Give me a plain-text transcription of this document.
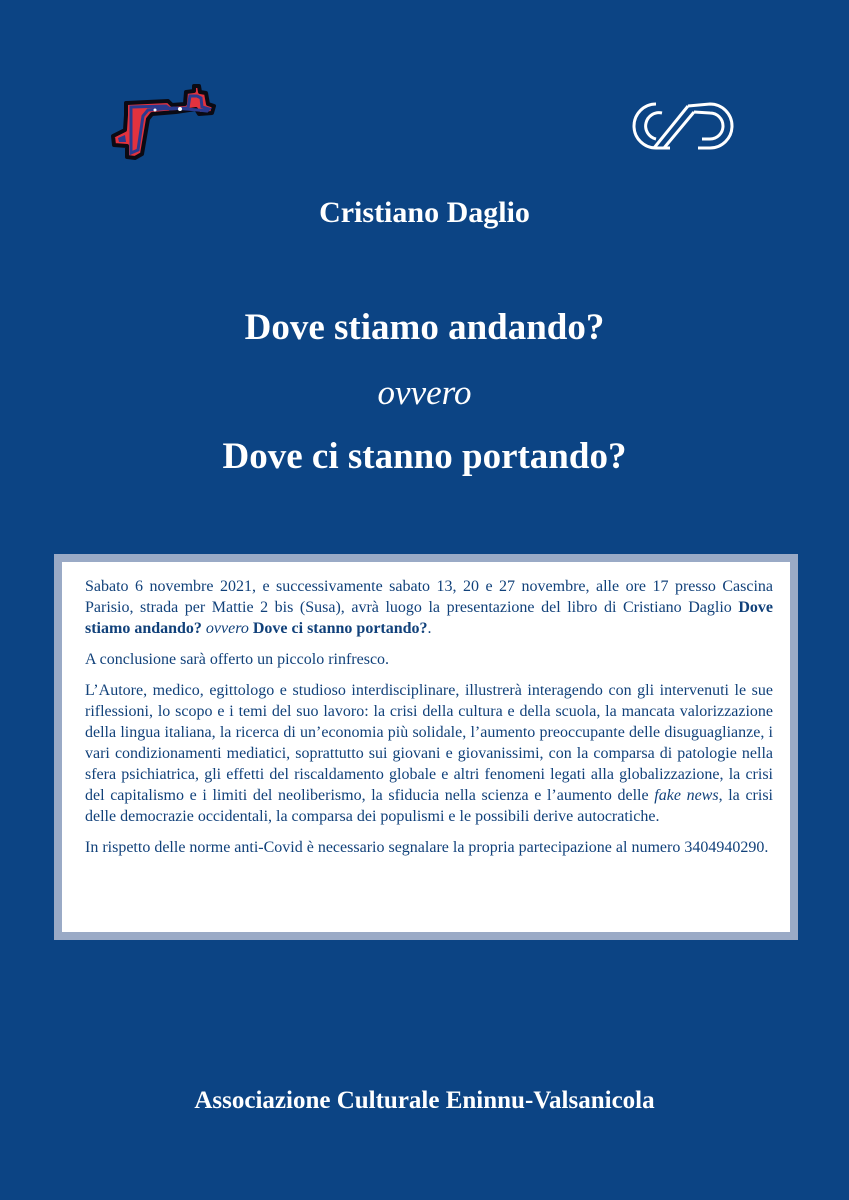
Cristiano Daglio
Dove stiamo andando?
ovvero
Dove ci stanno portando?

Sabato 6 novembre 2021, e successivamente sabato 13, 20 e 27 novembre, alle ore 17 presso Cascina Parisio, strada per Mattie 2 bis (Susa), avrà luogo la presentazione del libro di Cristiano Daglio Dove stiamo andando? ovvero Dove ci stanno portando?.

A conclusione sarà offerto un piccolo rinfresco.

L’Autore, medico, egittologo e studioso interdisciplinare, illustrerà interagendo con gli intervenuti le sue riflessioni, lo scopo e i temi del suo lavoro: la crisi della cultura e della scuola, la mancata valorizzazione della lingua italiana, la ricerca di un’economia più solidale, l’aumento preoccupante delle disuguaglianze, i vari condizionamenti mediatici, soprattutto sui giovani e giovanissimi, con la comparsa di patologie nella sfera psichiatrica, gli effetti del riscaldamento globale e altri fenomeni legati alla globalizzazione, la crisi del capitalismo e i limiti del neoliberismo, la sfiducia nella scienza e l’aumento delle fake news, la crisi delle democrazie occidentali, la comparsa dei populismi e le possibili derive autocratiche.

In rispetto delle norme anti-Covid è necessario segnalare la propria partecipazione al numero 3404940290.

Associazione Culturale Eninnu-Valsanicola
